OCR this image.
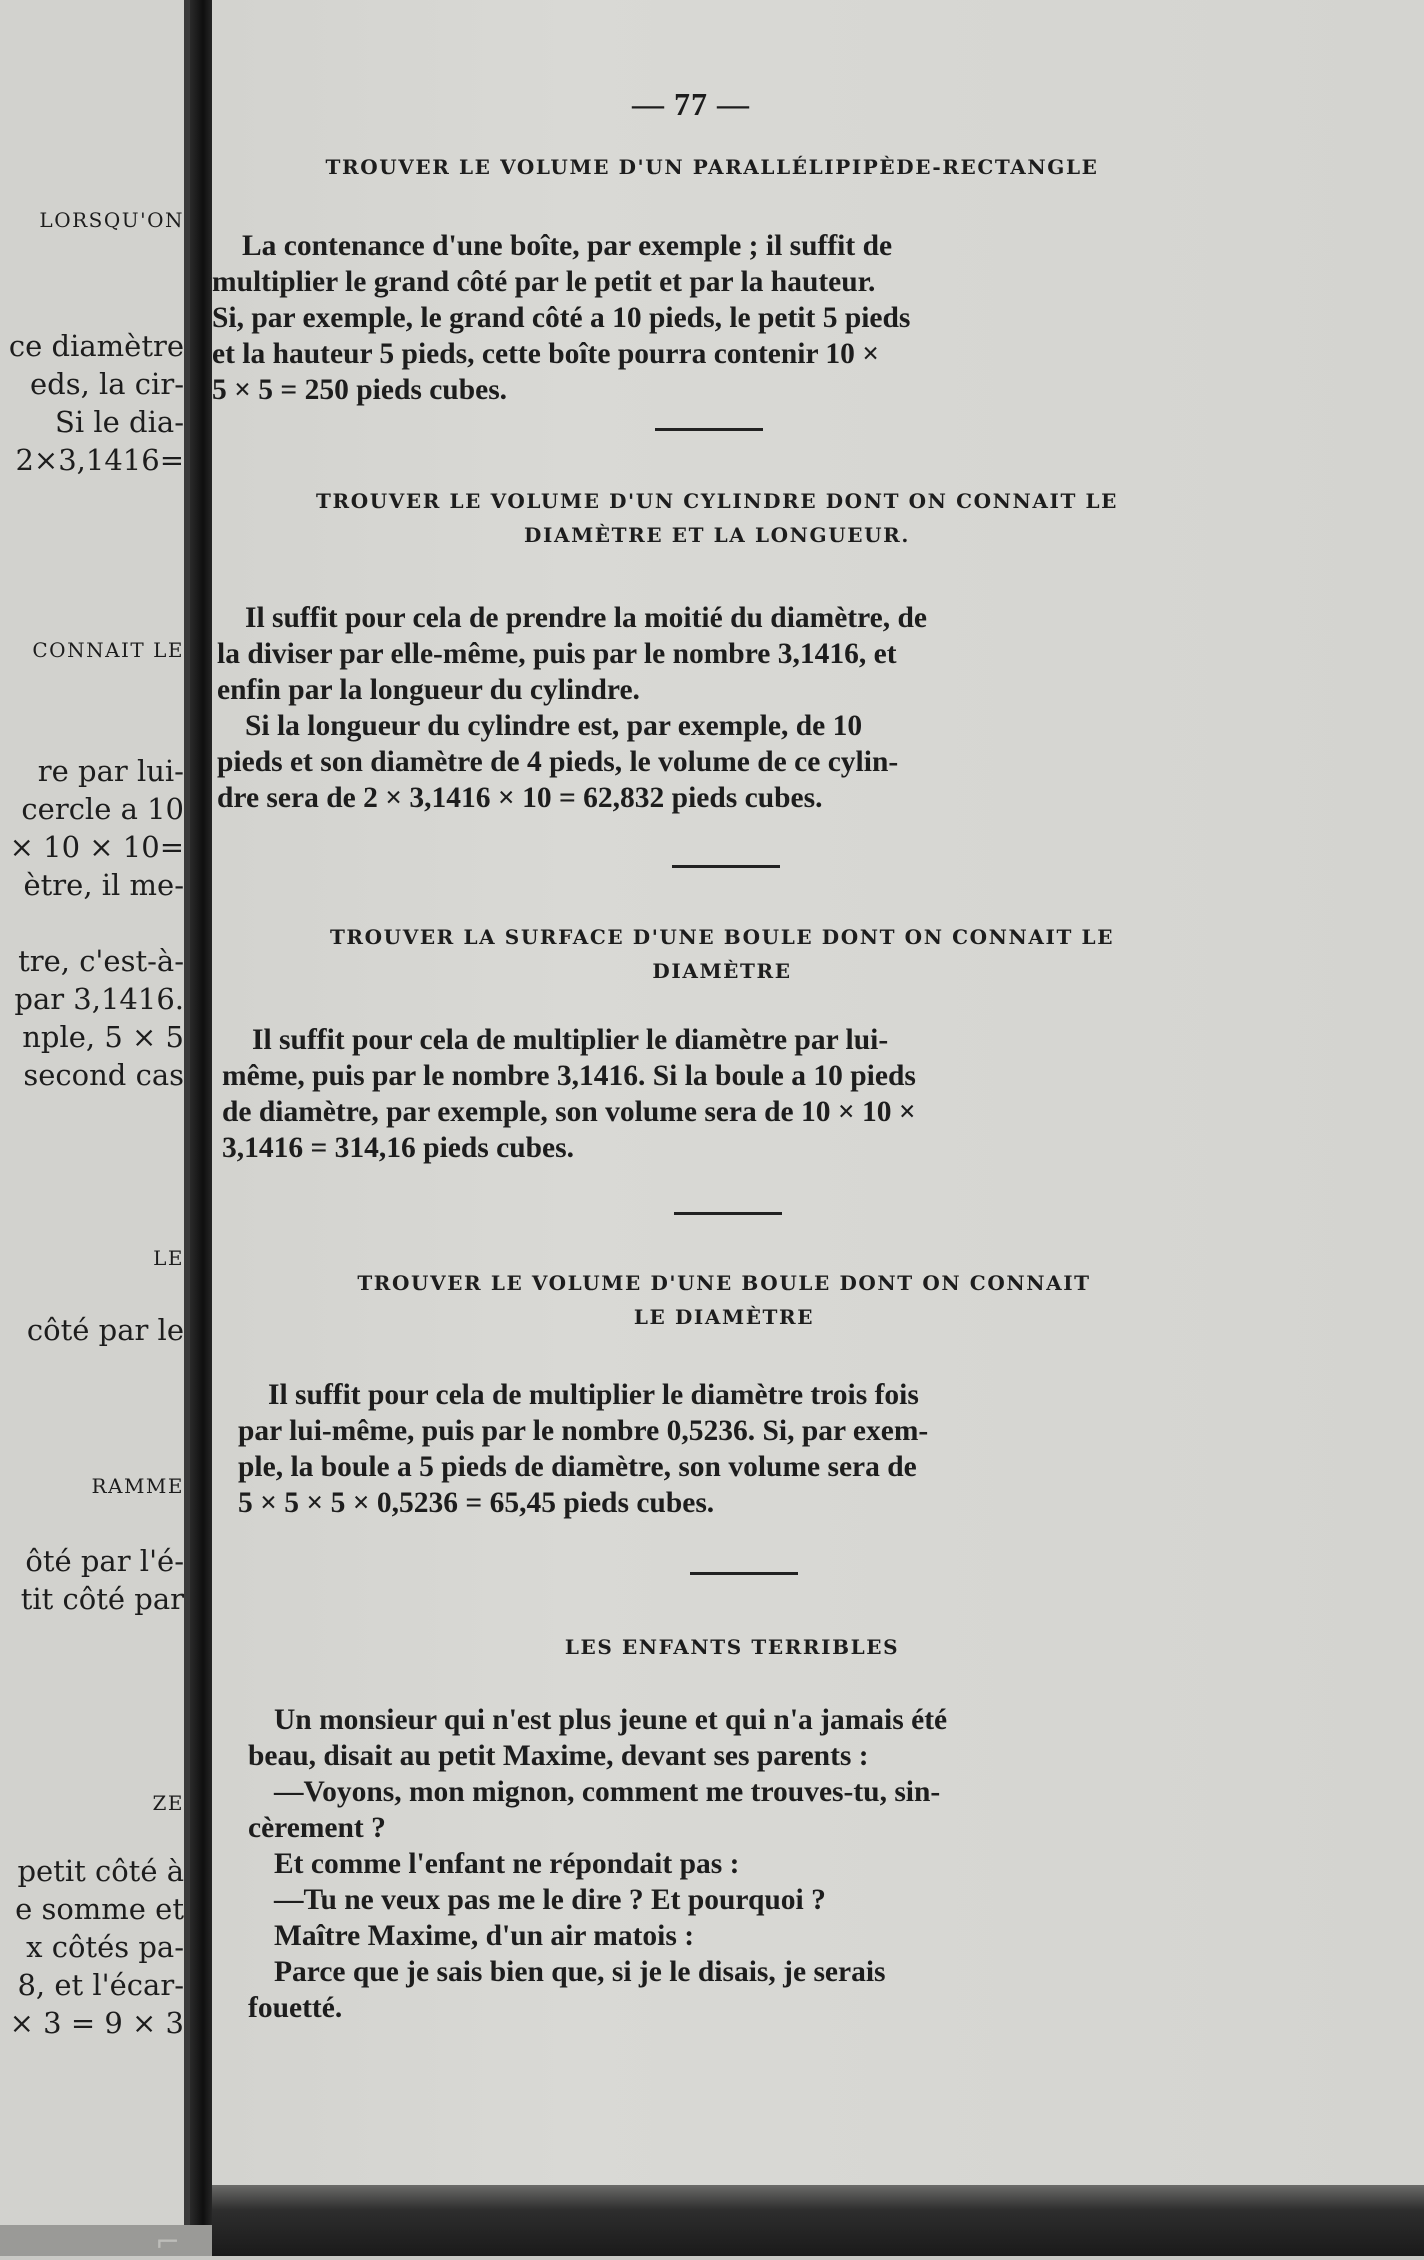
LORSQU'ON
ce diamètre
eds, la cir-
Si le dia-
2×3,1416=
CONNAIT LE
re par lui-
cercle a 10
× 10 × 10=
ètre, il me-
tre, c'est-à-
par 3,1416.
nple, 5 × 5
second cas
LE
côté par le
RAMME
ôté par l'é-
tit côté par
ZE
petit côté à
e somme et
x côtés pa-
8, et l'écar-
× 3 = 9 × 3
— 77 —
TROUVER LE VOLUME D'UN PARALLÉLIPIPÈDE-RECTANGLE
La contenance d'une boîte, par exemple ; il suffit de
multiplier le grand côté par le petit et par la hauteur.
Si, par exemple, le grand côté a 10 pieds, le petit 5 pieds
et la hauteur 5 pieds, cette boîte pourra contenir 10 ×
5 × 5 = 250 pieds cubes.
TROUVER LE VOLUME D'UN CYLINDRE DONT ON CONNAIT LE
DIAMÈTRE ET LA LONGUEUR.
Il suffit pour cela de prendre la moitié du diamètre, de
la diviser par elle-même, puis par le nombre 3,1416, et
enfin par la longueur du cylindre.
Si la longueur du cylindre est, par exemple, de 10
pieds et son diamètre de 4 pieds, le volume de ce cylin-
dre sera de 2 × 3,1416 × 10 = 62,832 pieds cubes.
TROUVER LA SURFACE D'UNE BOULE DONT ON CONNAIT LE
DIAMÈTRE
Il suffit pour cela de multiplier le diamètre par lui-
même, puis par le nombre 3,1416. Si la boule a 10 pieds
de diamètre, par exemple, son volume sera de 10 × 10 ×
3,1416 = 314,16 pieds cubes.
TROUVER LE VOLUME D'UNE BOULE DONT ON CONNAIT
LE DIAMÈTRE
Il suffit pour cela de multiplier le diamètre trois fois
par lui-même, puis par le nombre 0,5236. Si, par exem-
ple, la boule a 5 pieds de diamètre, son volume sera de
5 × 5 × 5 × 0,5236 = 65,45 pieds cubes.
LES ENFANTS TERRIBLES
Un monsieur qui n'est plus jeune et qui n'a jamais été
beau, disait au petit Maxime, devant ses parents :
—Voyons, mon mignon, comment me trouves-tu, sin-
cèrement ?
Et comme l'enfant ne répondait pas :
—Tu ne veux pas me le dire ? Et pourquoi ?
Maître Maxime, d'un air matois :
Parce que je sais bien que, si je le disais, je serais
fouetté.
⌐
